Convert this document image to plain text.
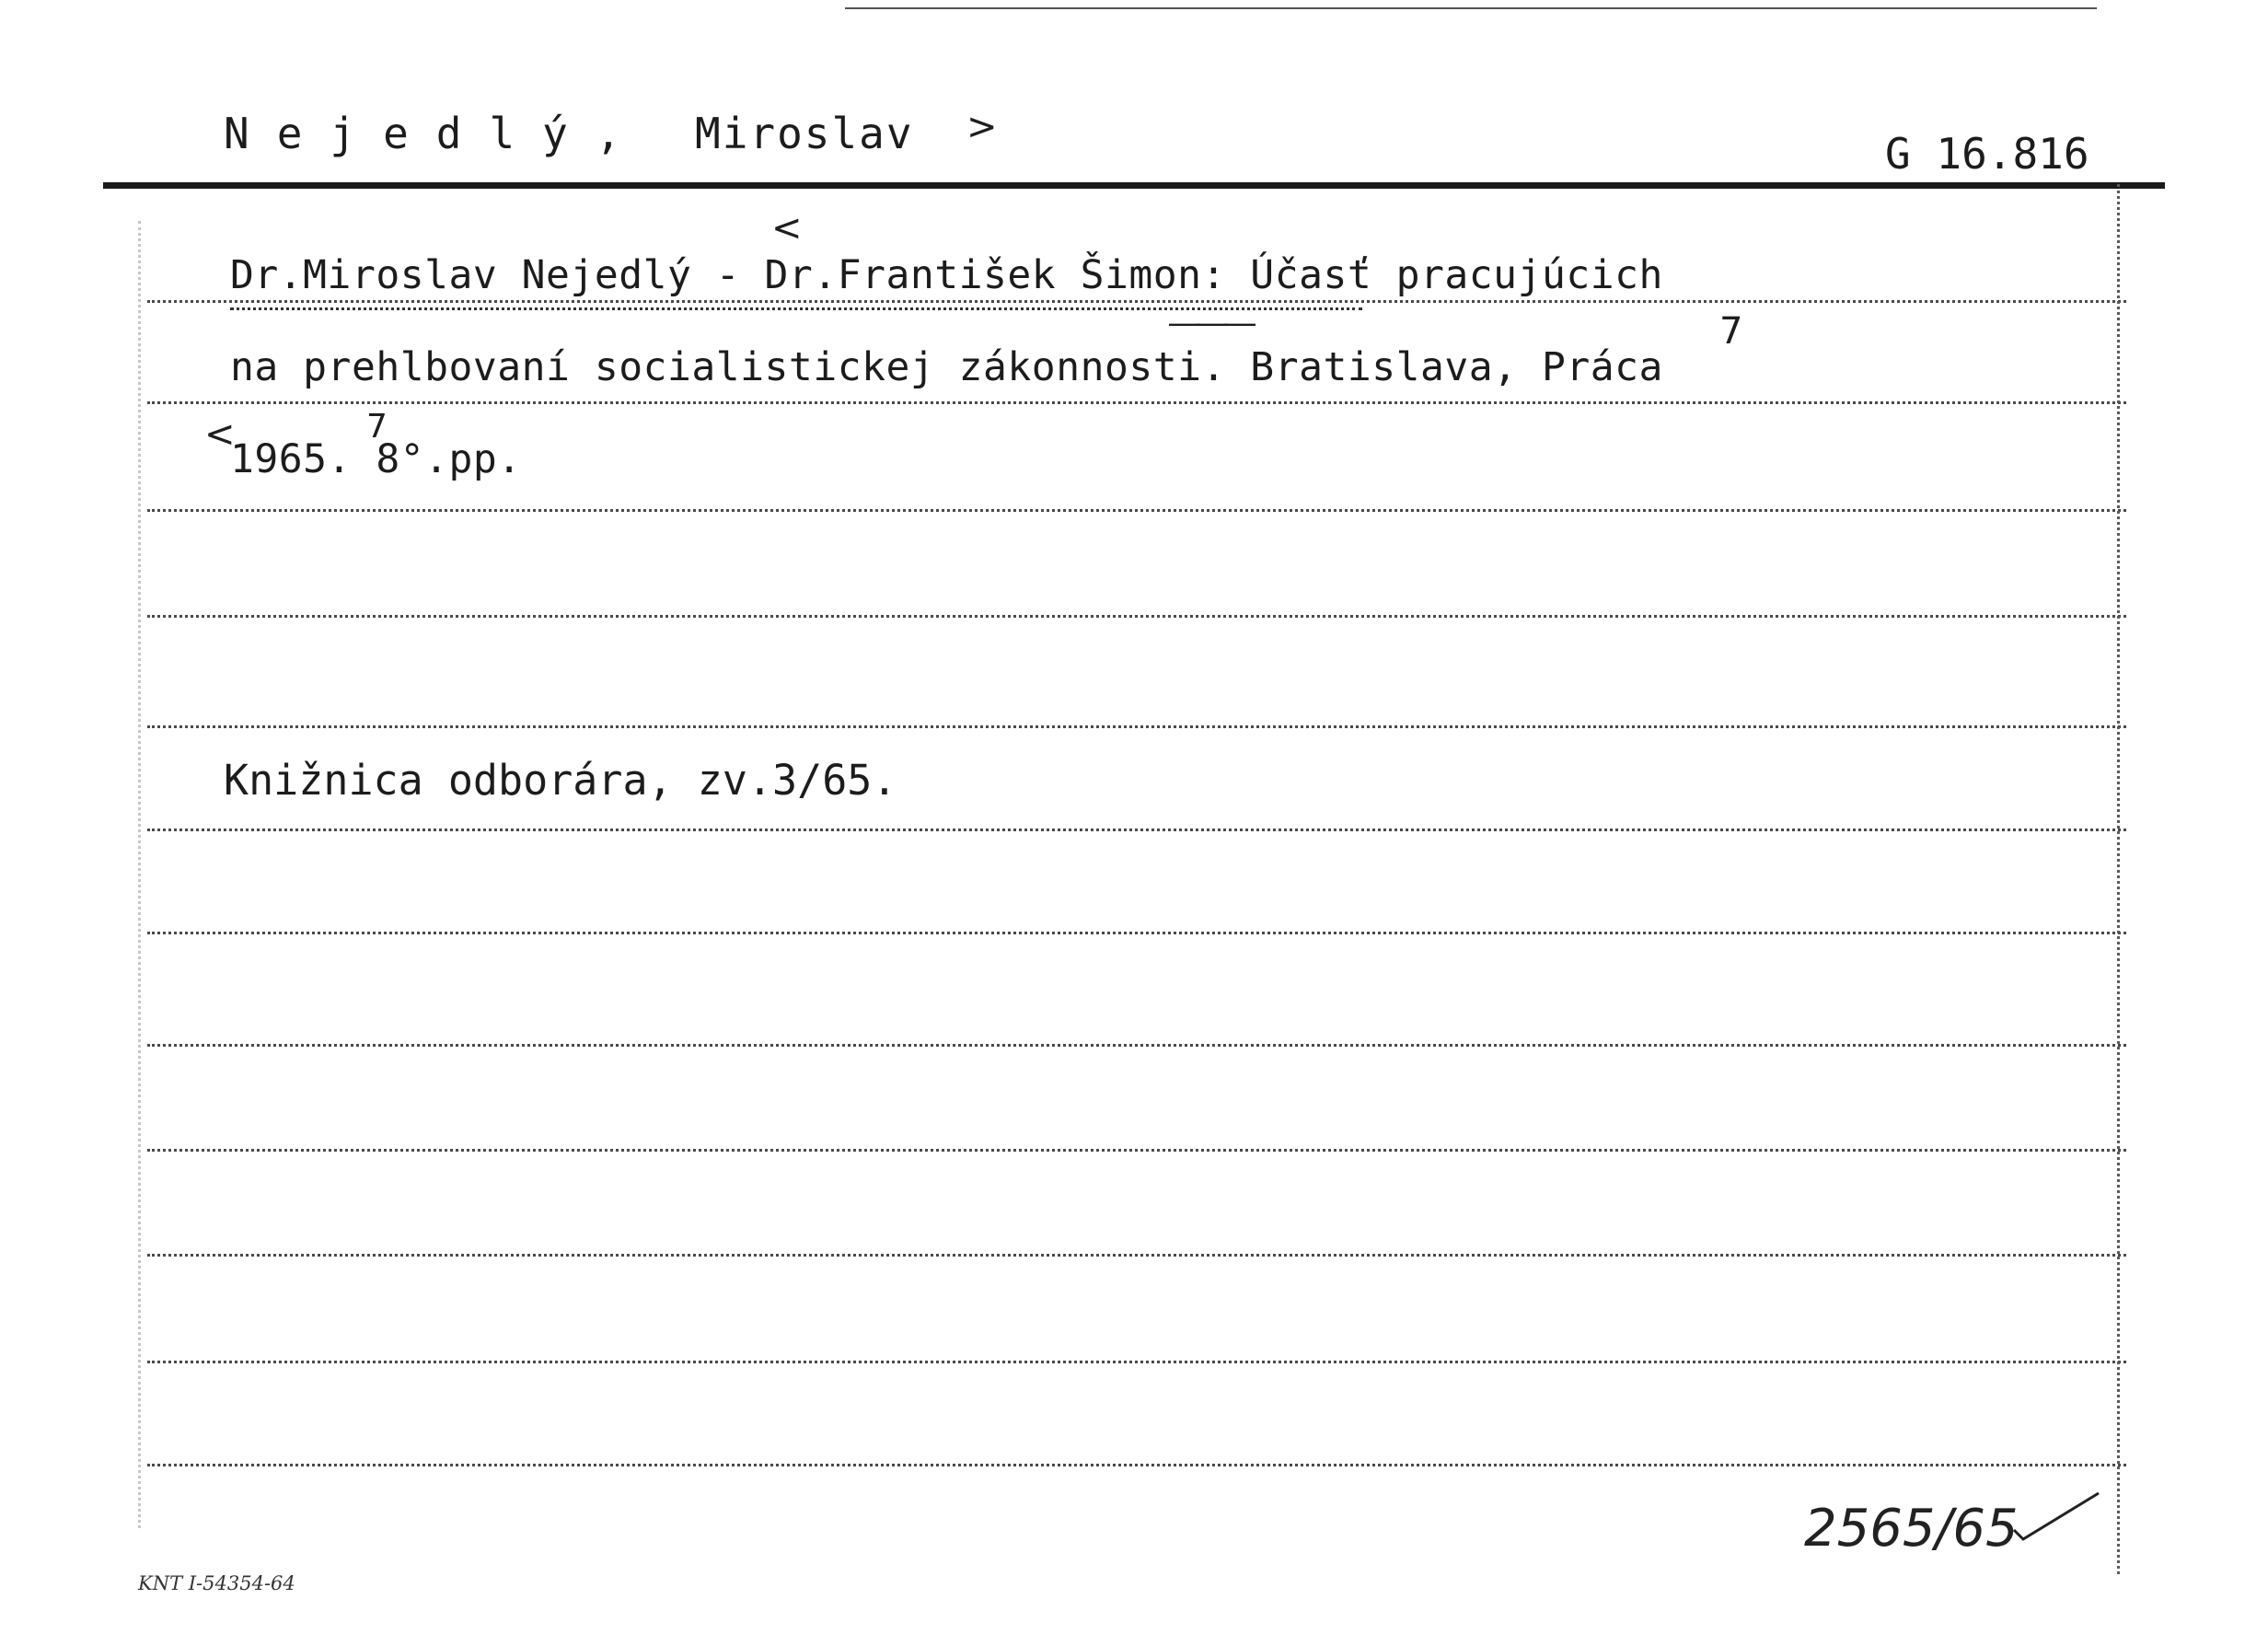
Nejedlý, Miroslav	G 16.816
>
<
7
<	7
―――
Dr.Miroslav Nejedlý - Dr.František Šimon: Účasť pracujúcich
na prehlbovaní socialistickej zákonnosti. Bratislava, Práca
1965. 8°.pp.
Knižnica odborára, zv.3/65.
2565/65
KNT I-54354-64
